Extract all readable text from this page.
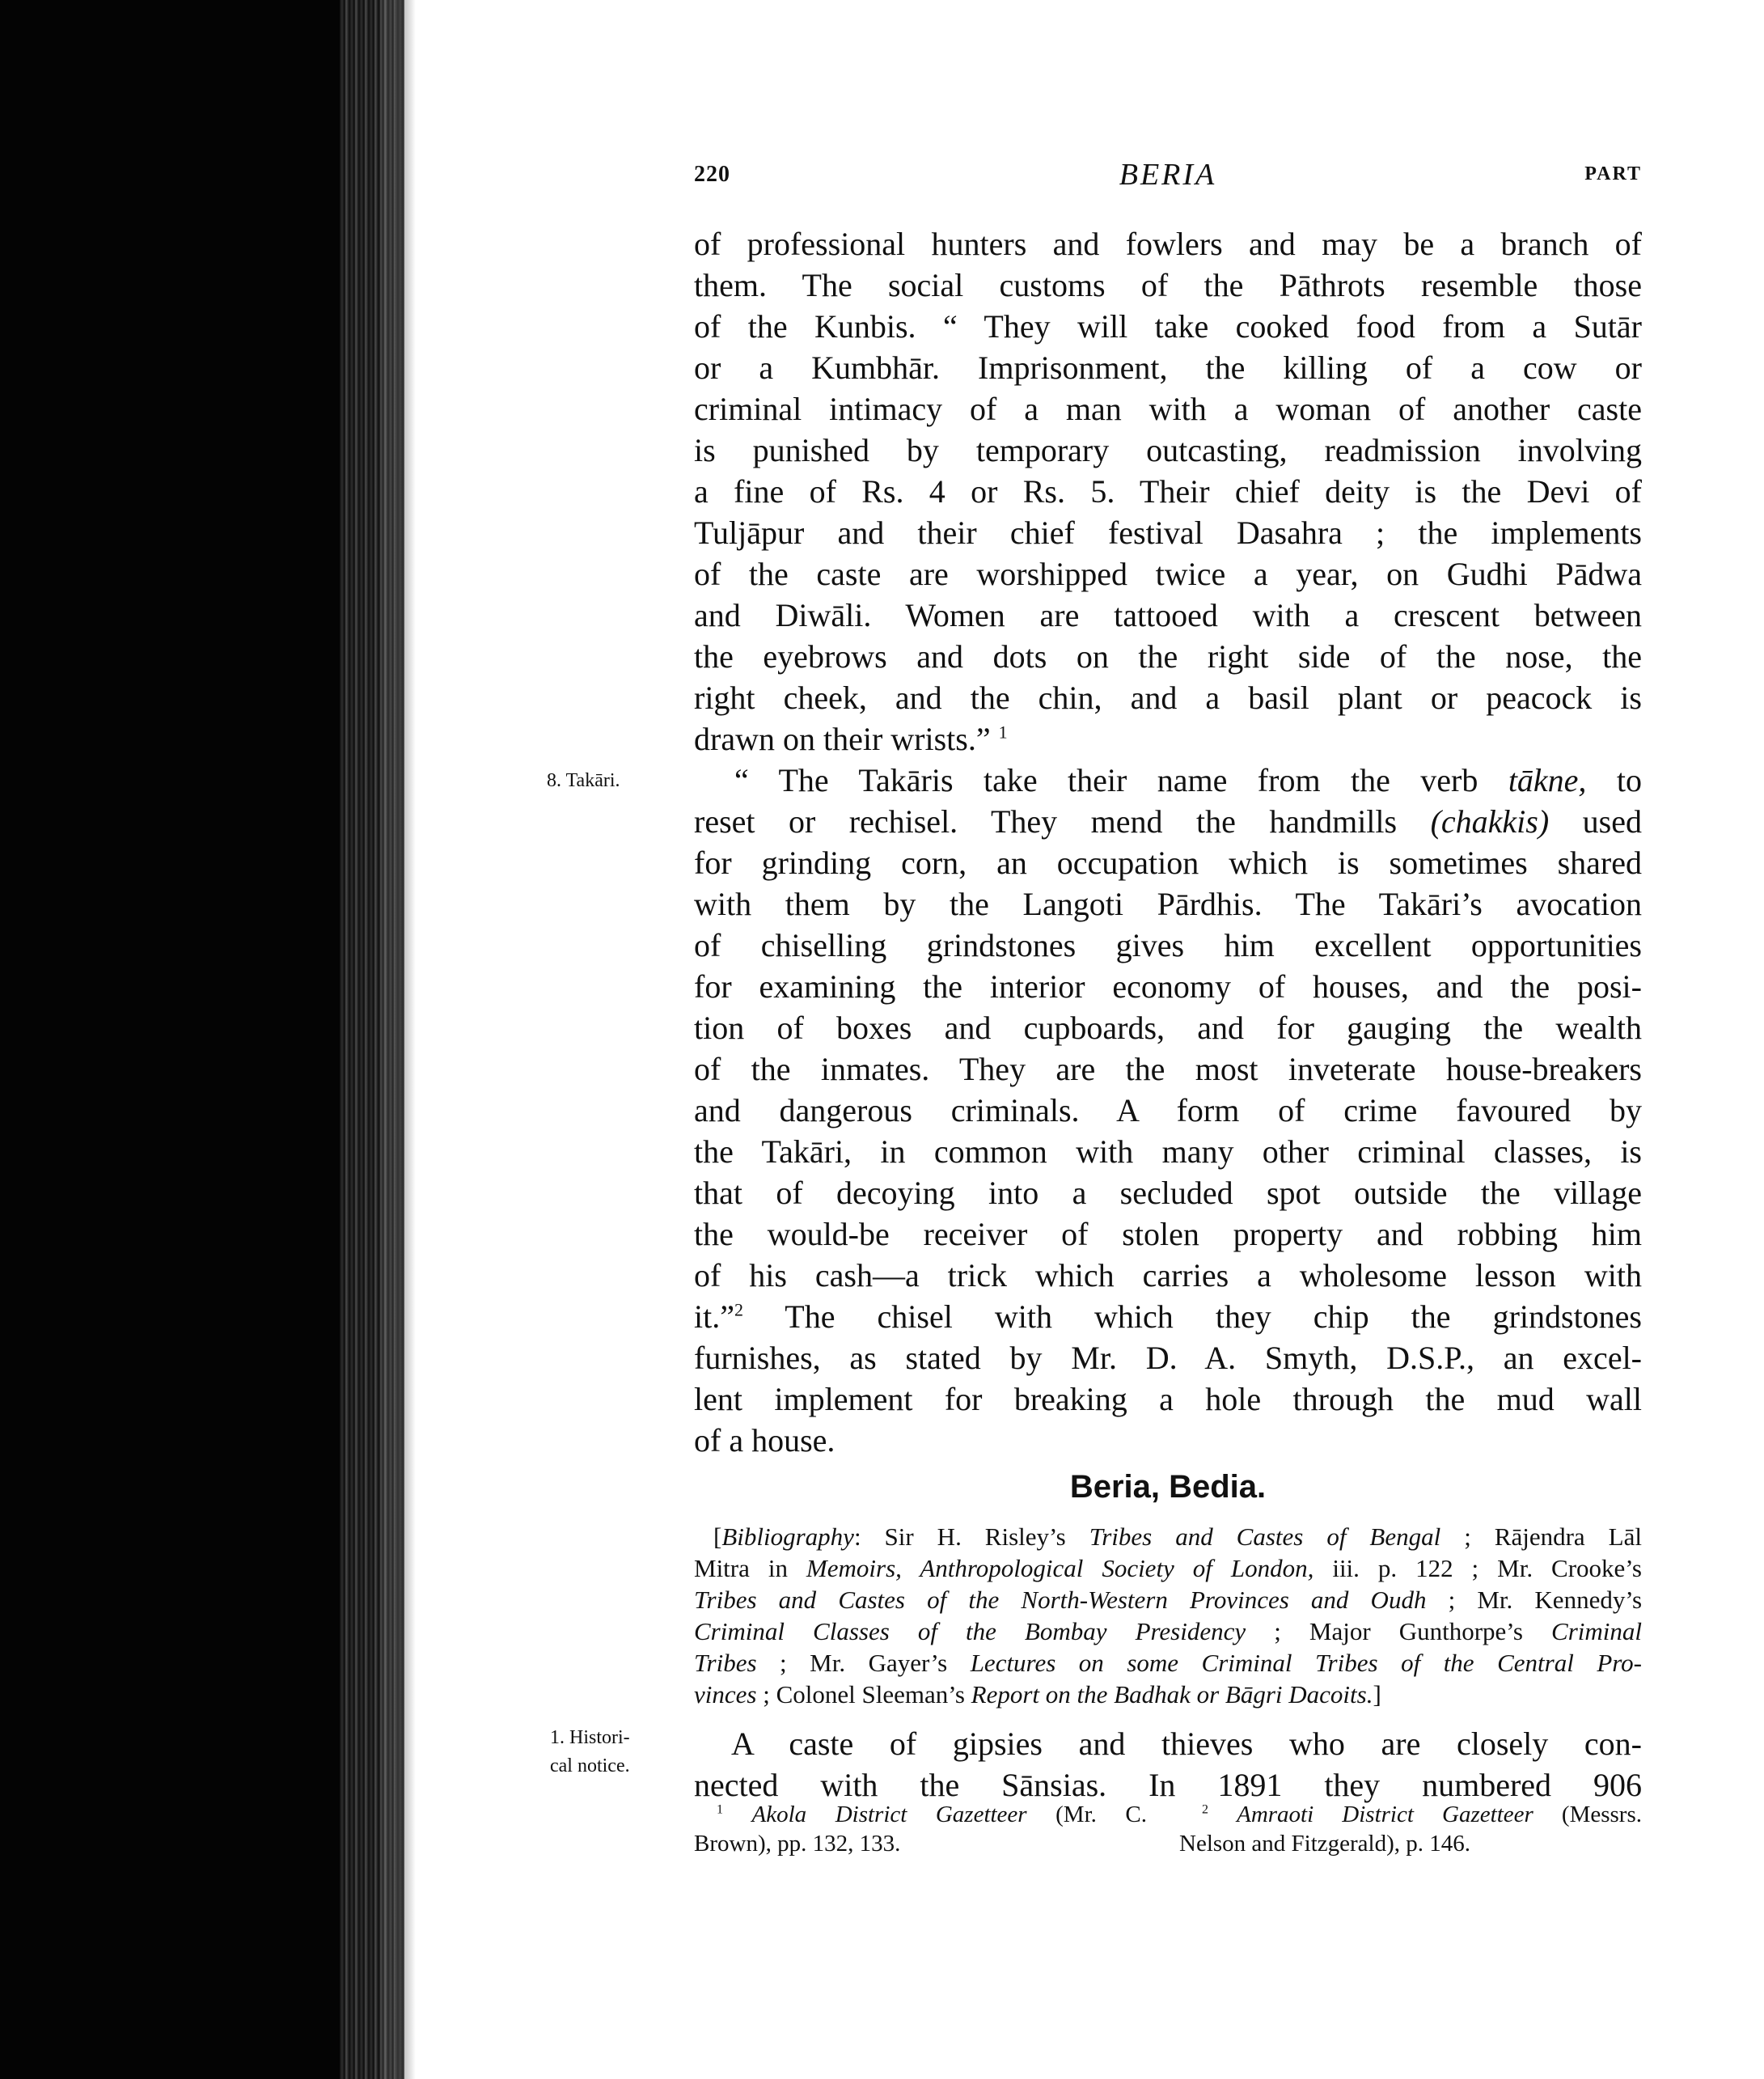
220	BERIA	PART
of professional hunters and fowlers and may be a branch of
them. The social customs of the Pāthrots resemble those
of the Kunbis. “ They will take cooked food from a Sutār
or a Kumbhār. Imprisonment, the killing of a cow or
criminal intimacy of a man with a woman of another caste
is punished by temporary outcasting, readmission involving
a fine of Rs. 4 or Rs. 5. Their chief deity is the Devi of
Tuljāpur and their chief festival Dasahra ; the implements
of the caste are worshipped twice a year, on Gudhi Pādwa
and Diwāli. Women are tattooed with a crescent between
the eyebrows and dots on the right side of the nose, the
right cheek, and the chin, and a basil plant or peacock is
drawn on their wrists.” $^1$
“ The Takāris take their name from the verb tākne, to
reset or rechisel. They mend the handmills (chakkis) used
for grinding corn, an occupation which is sometimes shared
with them by the Langoti Pārdhis. The Takāri’s avocation
of chiselling grindstones gives him excellent opportunities
for examining the interior economy of houses, and the posi-
tion of boxes and cupboards, and for gauging the wealth
of the inmates. They are the most inveterate house-breakers
and dangerous criminals. A form of crime favoured by
the Takāri, in common with many other criminal classes, is
that of decoying into a secluded spot outside the village
the would-be receiver of stolen property and robbing him
of his cash—a trick which carries a wholesome lesson with
it.”$^2$ The chisel with which they chip the grindstones
furnishes, as stated by Mr. D. A. Smyth, D.S.P., an excel-
lent implement for breaking a hole through the mud wall
of a house.
8. Takāri.
Beria, Bedia.
[Bibliography: Sir H. Risley’s Tribes and Castes of Bengal ; Rājendra Lāl
Mitra in Memoirs, Anthropological Society of London, iii. p. 122 ; Mr. Crooke’s
Tribes and Castes of the North-Western Provinces and Oudh ; Mr. Kennedy’s
Criminal Classes of the Bombay Presidency ; Major Gunthorpe’s Criminal
Tribes ; Mr. Gayer’s Lectures on some Criminal Tribes of the Central Pro-
vinces ; Colonel Sleeman’s Report on the Badhak or Bāgri Dacoits.]
1. Histori-
cal notice.
A caste of gipsies and thieves who are closely con-
nected with the Sānsias. In 1891 they numbered 906
$^1$ Akola District Gazetteer (Mr. C.
Brown), pp. 132, 133.
$^2$ Amraoti District Gazetteer (Messrs.
Nelson and Fitzgerald), p. 146.
